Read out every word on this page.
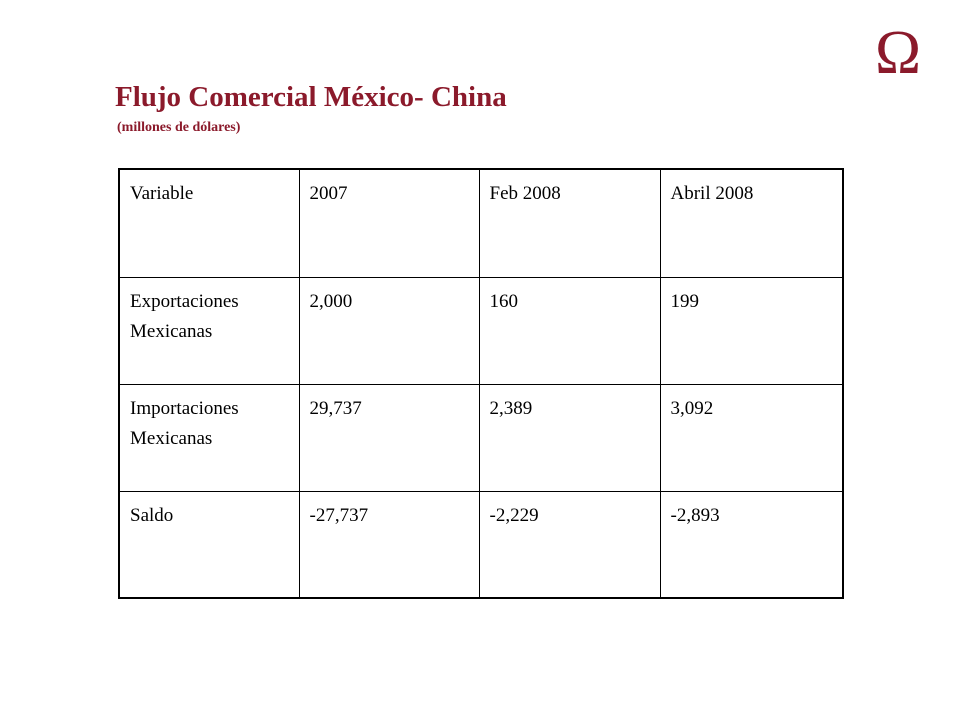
Ω
Flujo Comercial México- China

(millones de dólares)

Variable	2007	Feb 2008	Abril 2008
Exportaciones Mexicanas	2,000	160	199
Importaciones Mexicanas	29,737	2,389	3,092
Saldo	-27,737	-2,229	-2,893
